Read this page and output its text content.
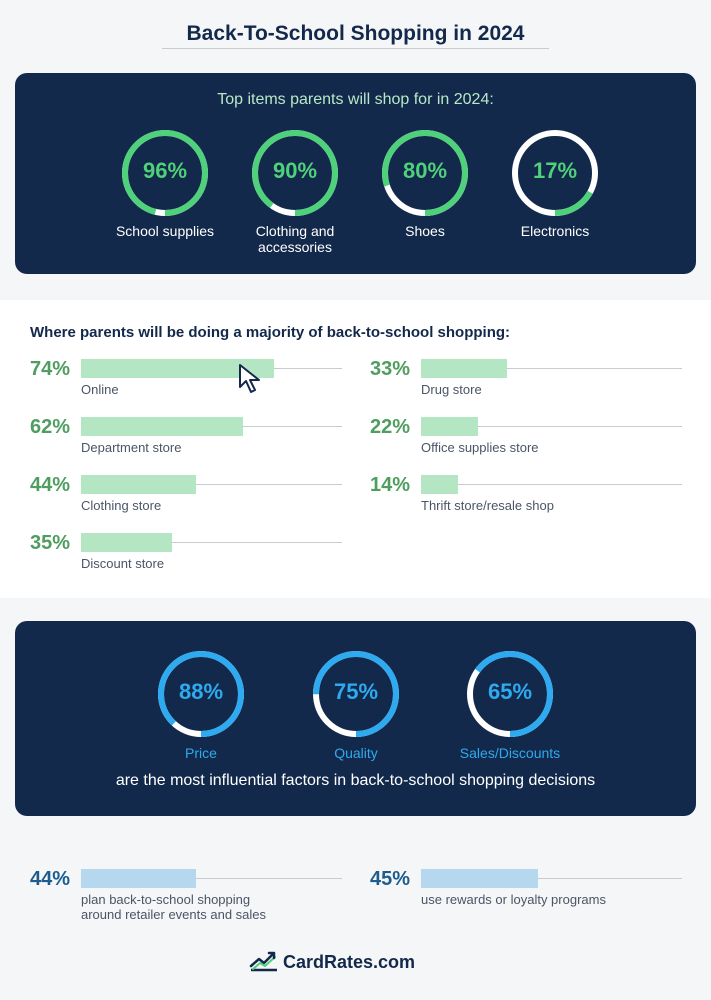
Back-To-School Shopping in 2024
Top items parents will shop for in 2024:
96%
School supplies
90%
Clothing and
accessories
80%
Shoes
17%
Electronics
Where parents will be doing a majority of back-to-school shopping:
74%
Online
62%
Department store
44%
Clothing store
35%
Discount store
33%
Drug store
22%
Office supplies store
14%
Thrift store/resale shop
88%
Price
75%
Quality
65%
Sales/Discounts
are the most influential factors in back-to-school shopping decisions
44%
plan back-to-school shopping
around retailer events and sales
45%
use rewards or loyalty programs
CardRates.com
